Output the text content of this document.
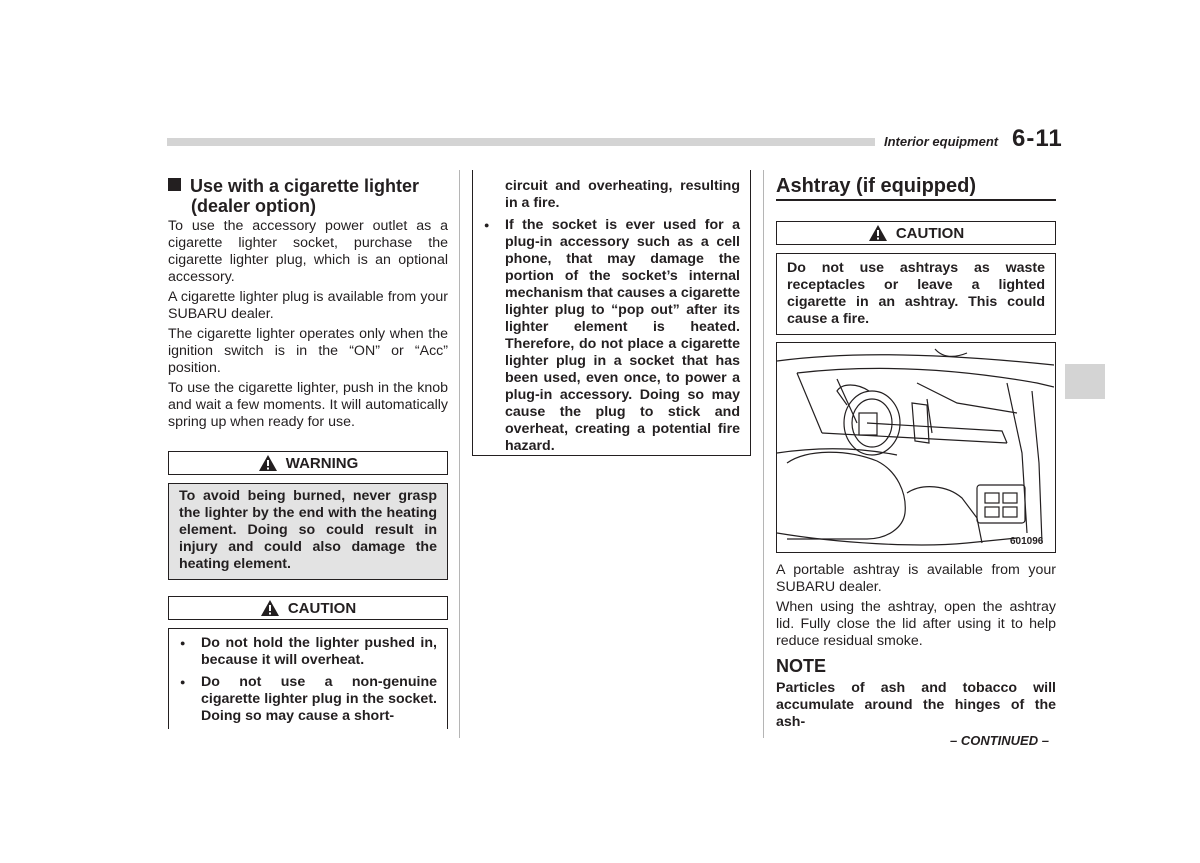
Interior equipment 6-11
Use with a cigarette lighter
(dealer option)

To use the accessory power outlet as a cigarette lighter socket, purchase the cigarette lighter plug, which is an optional accessory.

A cigarette lighter plug is available from your SUBARU dealer.

The cigarette lighter operates only when the ignition switch is in the “ON” or “Acc” position.

To use the cigarette lighter, push in the knob and wait a few moments. It will automatically spring up when ready for use.

WARNING
To avoid being burned, never grasp the lighter by the end with the heating element. Doing so could result in injury and could also damage the heating element.
CAUTION
● Do not hold the lighter pushed in, because it will overheat.
● Do not use a non-genuine cigarette lighter plug in the socket. Doing so may cause a short-
circuit and overheating, resulting in a fire.
● If the socket is ever used for a plug-in accessory such as a cell phone, that may damage the portion of the socket’s internal mechanism that causes a cigarette lighter plug to “pop out” after its lighter element is heated. Therefore, do not place a cigarette lighter plug in a socket that has been used, even once, to power a plug-in accessory. Doing so may cause the plug to stick and overheat, creating a potential fire hazard.
Ashtray (if equipped)
CAUTION
Do not use ashtrays as waste receptacles or leave a lighted cigarette in an ashtray. This could cause a fire.
601096

A portable ashtray is available from your SUBARU dealer.

When using the ashtray, open the ashtray lid. Fully close the lid after using it to help reduce residual smoke.

NOTE
Particles of ash and tobacco will accumulate around the hinges of the ash-
– CONTINUED –
